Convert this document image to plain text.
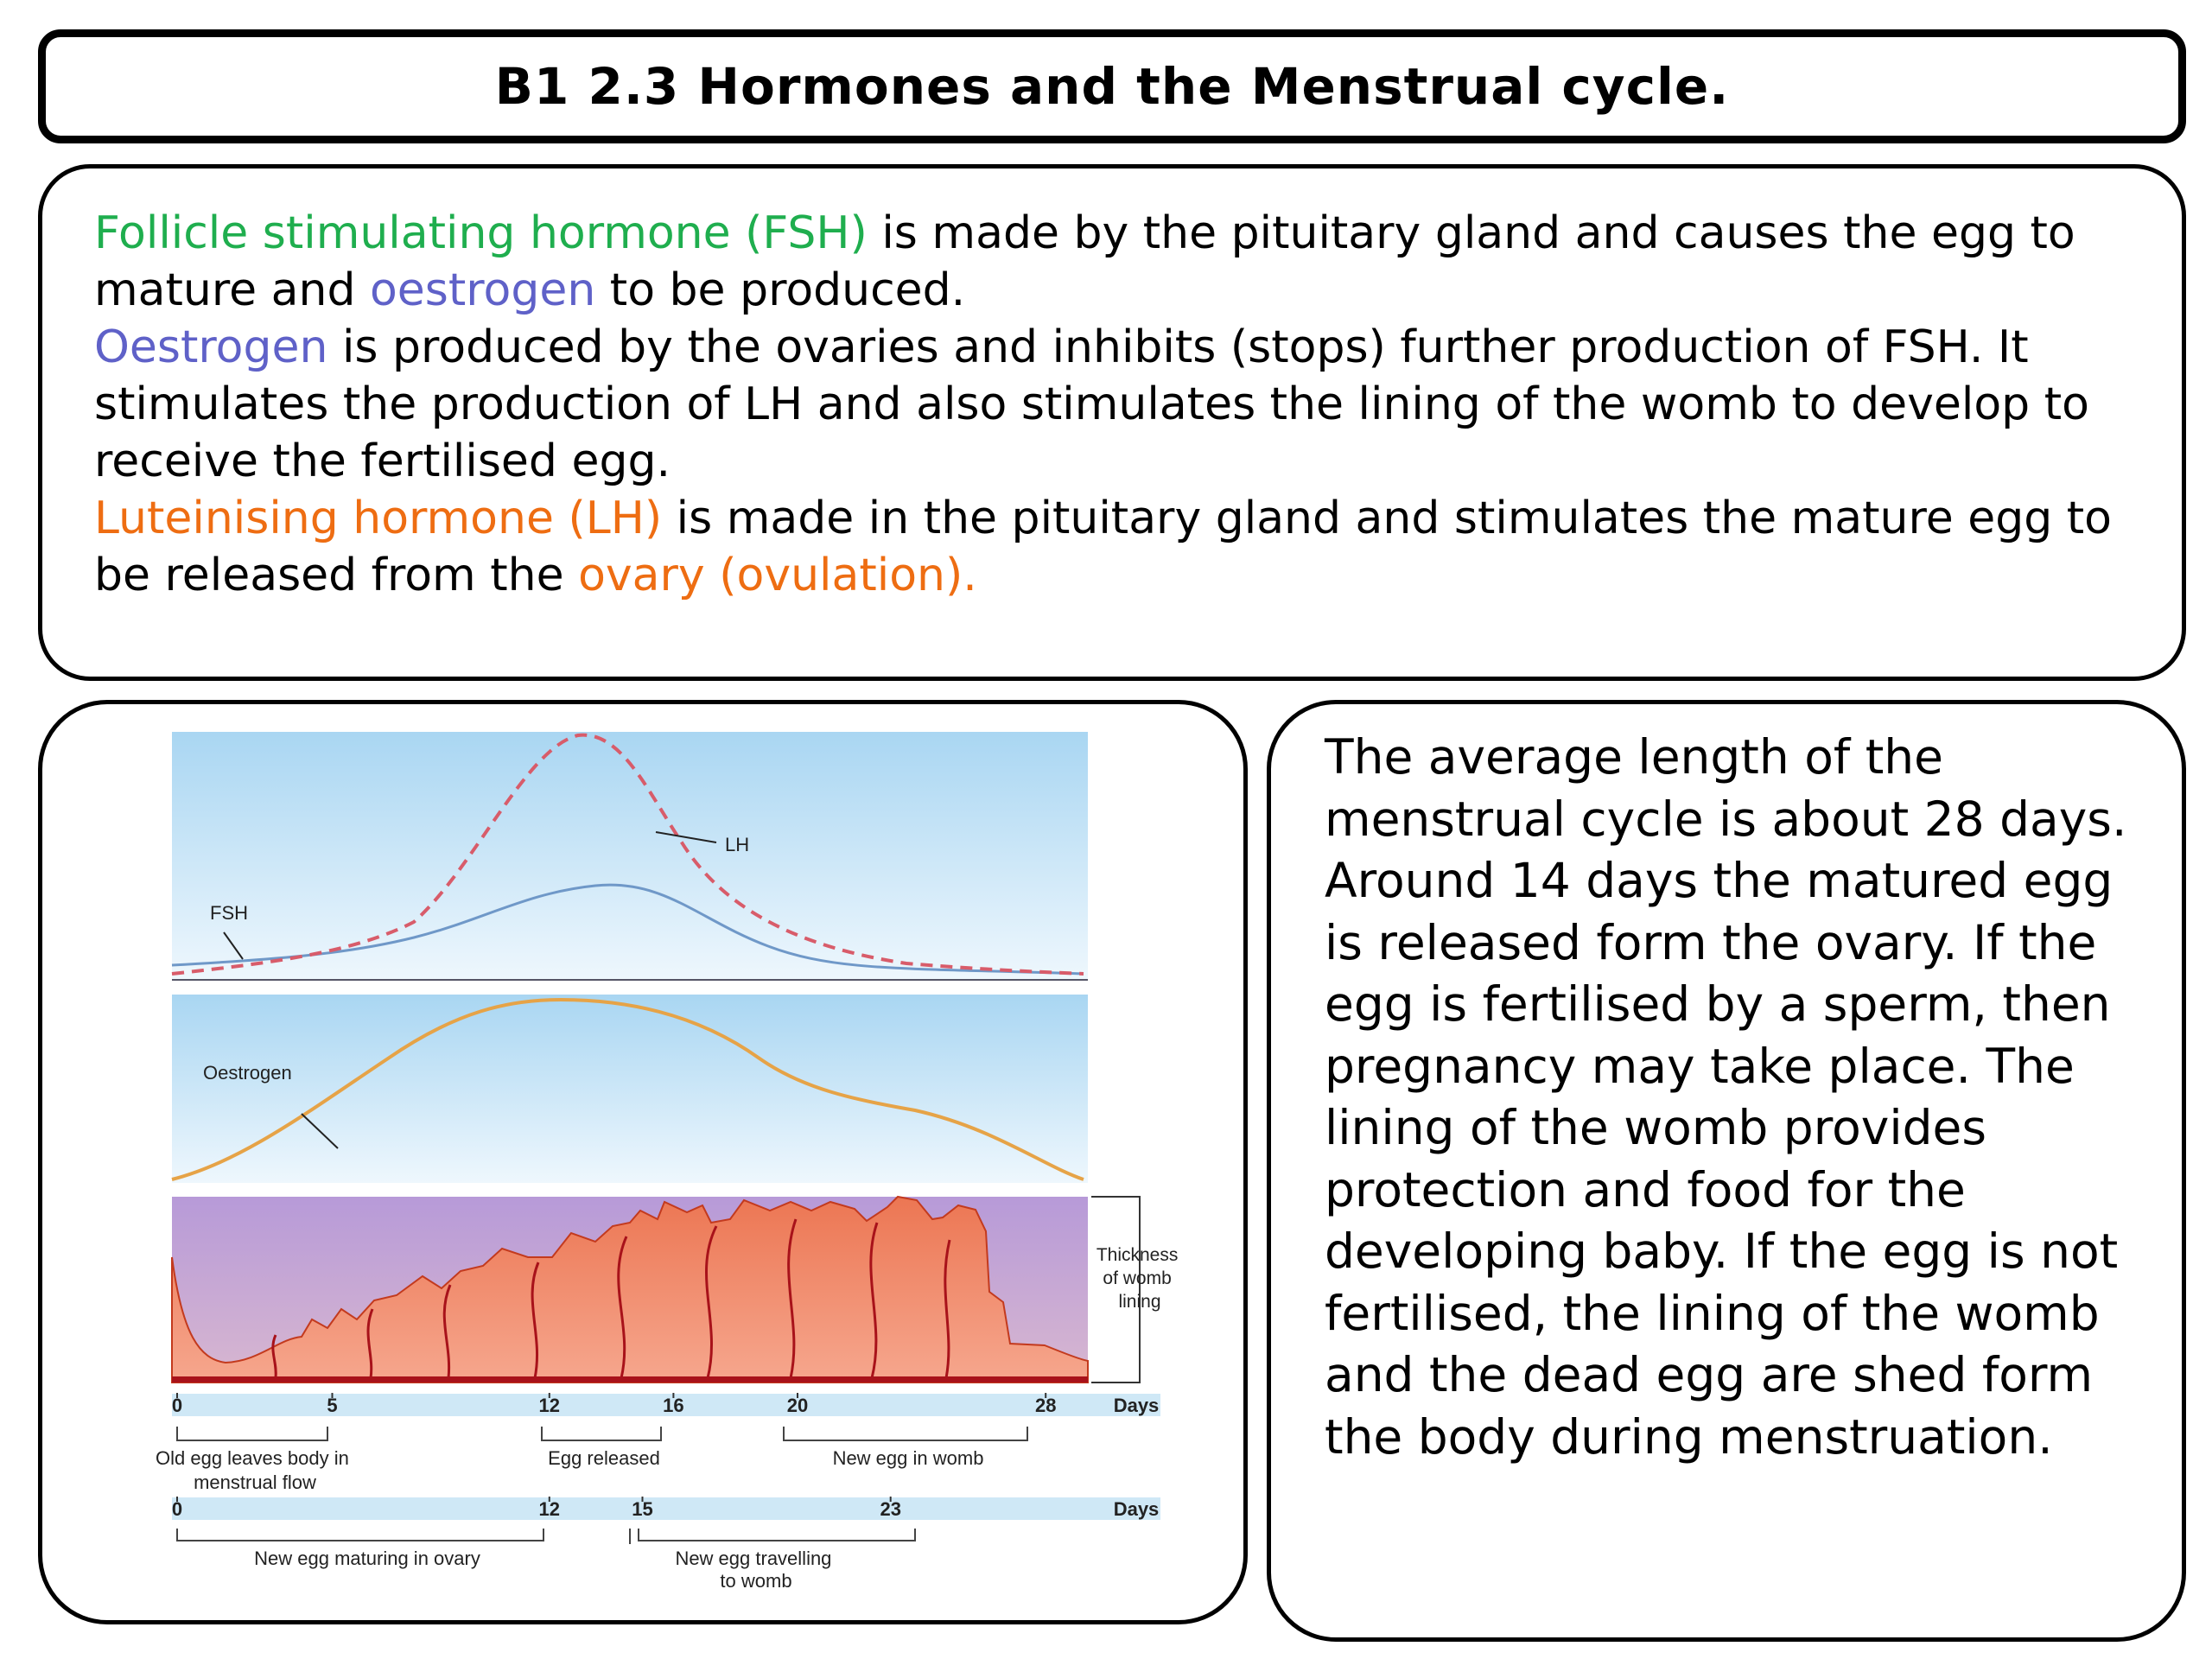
B1 2.3 Hormones and the Menstrual cycle.

Follicle stimulating hormone (FSH) is made by the pituitary gland and causes the egg to mature and oestrogen to be produced.

Oestrogen is produced by the ovaries and inhibits (stops) further production of FSH. It stimulates the production of LH and also stimulates the lining of the womb to develop to receive the fertilised egg.

Luteinising hormone (LH) is made in the pituitary gland and stimulates the mature egg to be released from the ovary (ovulation).

LH
FSH
Oestrogen
Thickness of womb lining
0	5	12	16	20	28	Days
Old egg leaves body in menstrual flow
Egg released	New egg in womb
0	12	15	23	Days
New egg maturing in ovary	New egg travelling to womb

The average length of the menstrual cycle is about 28 days. Around 14 days the matured egg is released form the ovary. If the egg is fertilised by a sperm, then pregnancy may take place. The lining of the womb provides protection and food for the developing baby. If the egg is not fertilised, the lining of the womb and the dead egg are shed form the body during menstruation.
